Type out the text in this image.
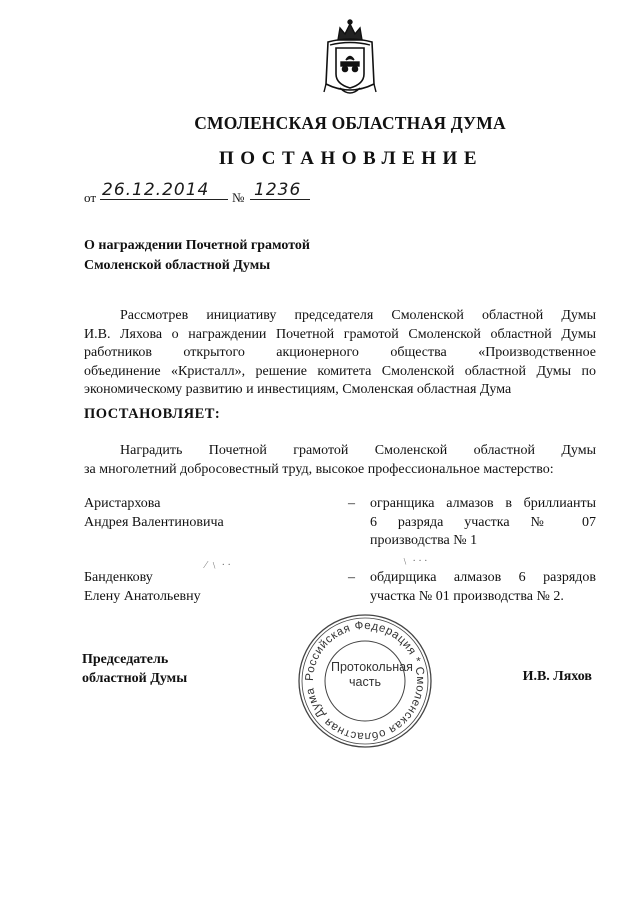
СМОЛЕНСКАЯ ОБЛАСТНАЯ ДУМА
ПОСТАНОВЛЕНИЕ
от 26.12.2014 № 1236
О награждении Почетной грамотой
Смоленской областной Думы
Рассмотрев инициативу председателя Смоленской областной Думы
И.В. Ляхова о награждении Почетной грамотой Смоленской областной Думы
работников открытого акционерного общества «Производственное
объединение «Кристалл», решение комитета Смоленской областной Думы по
экономическому развитию и инвестициям, Смоленская областная Дума
ПОСТАНОВЛЯЕТ:
Наградить Почетной грамотой Смоленской областной Думы
за многолетний добросовестный труд, высокое профессиональное мастерство:
Аристархова
Андрея Валентиновича
–	огранщика алмазов в бриллианты
6 разряда участка № 07
производства № 1
Банденкову
Елену Анатольевну
–	обдирщика алмазов 6 разрядов
участка № 01 производства № 2.
⁄ ﹨ · ·	﹨ · · ·
Председатель
областной Думы	И.В. Ляхов
Российская Федерация * Смоленская областная Дума
Протокольная
часть
